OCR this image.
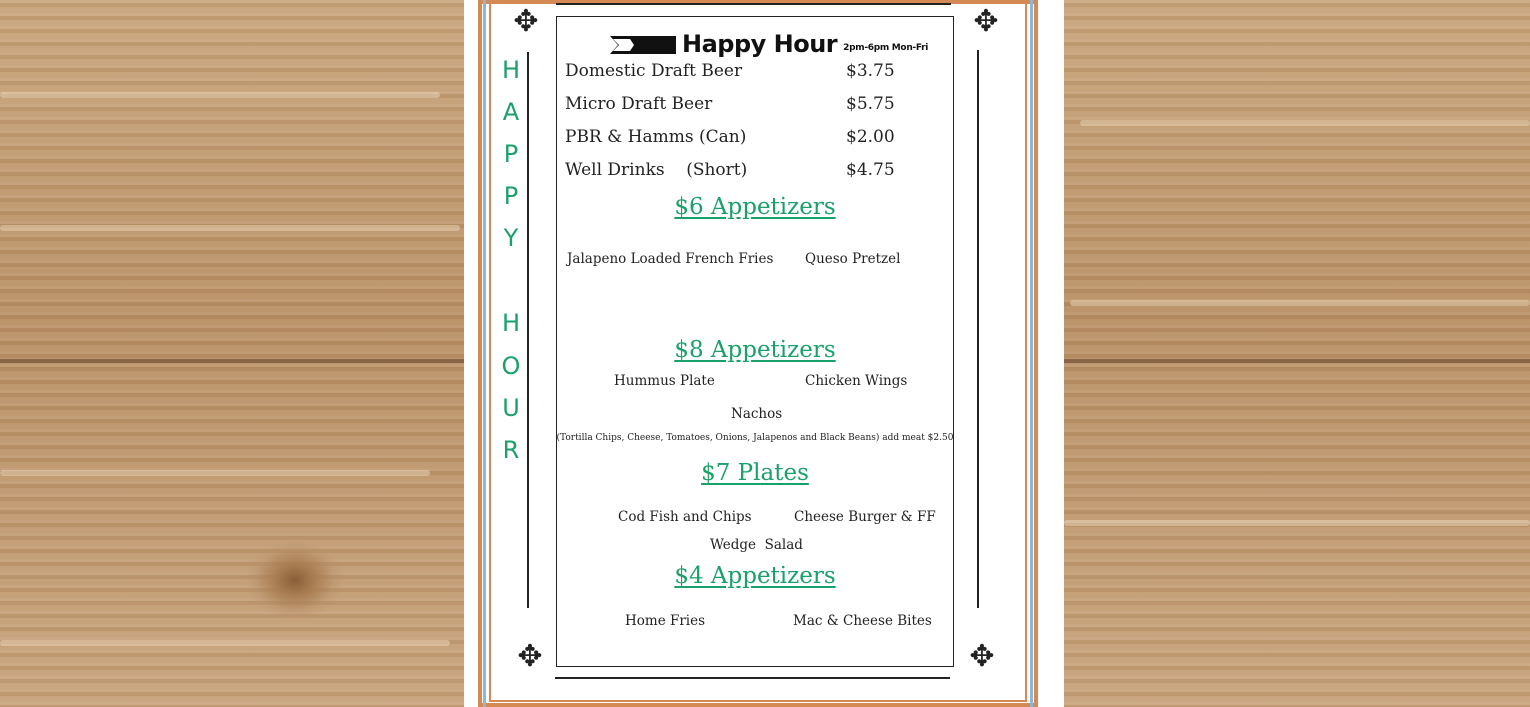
✥	✥
✥	✥
H
A
P
P
Y
H
O
U
R
Happy Hour 2pm-6pm Mon-Fri
Domestic Draft Beer	$3.75
Micro Draft Beer	$5.75
PBR & Hamms (Can)	$2.00
Well Drinks    (Short)	$4.75
$6 Appetizers
Jalapeno Loaded French Fries Queso Pretzel
$8 Appetizers
Hummus Plate	Chicken Wings
Nachos
(Tortilla Chips, Cheese, Tomatoes, Onions, Jalapenos and Black Beans) add meat $2.50
$7 Plates
Cod Fish and Chips	Cheese Burger & FF
Wedge  Salad
$4 Appetizers
Home Fries	Mac & Cheese Bites
